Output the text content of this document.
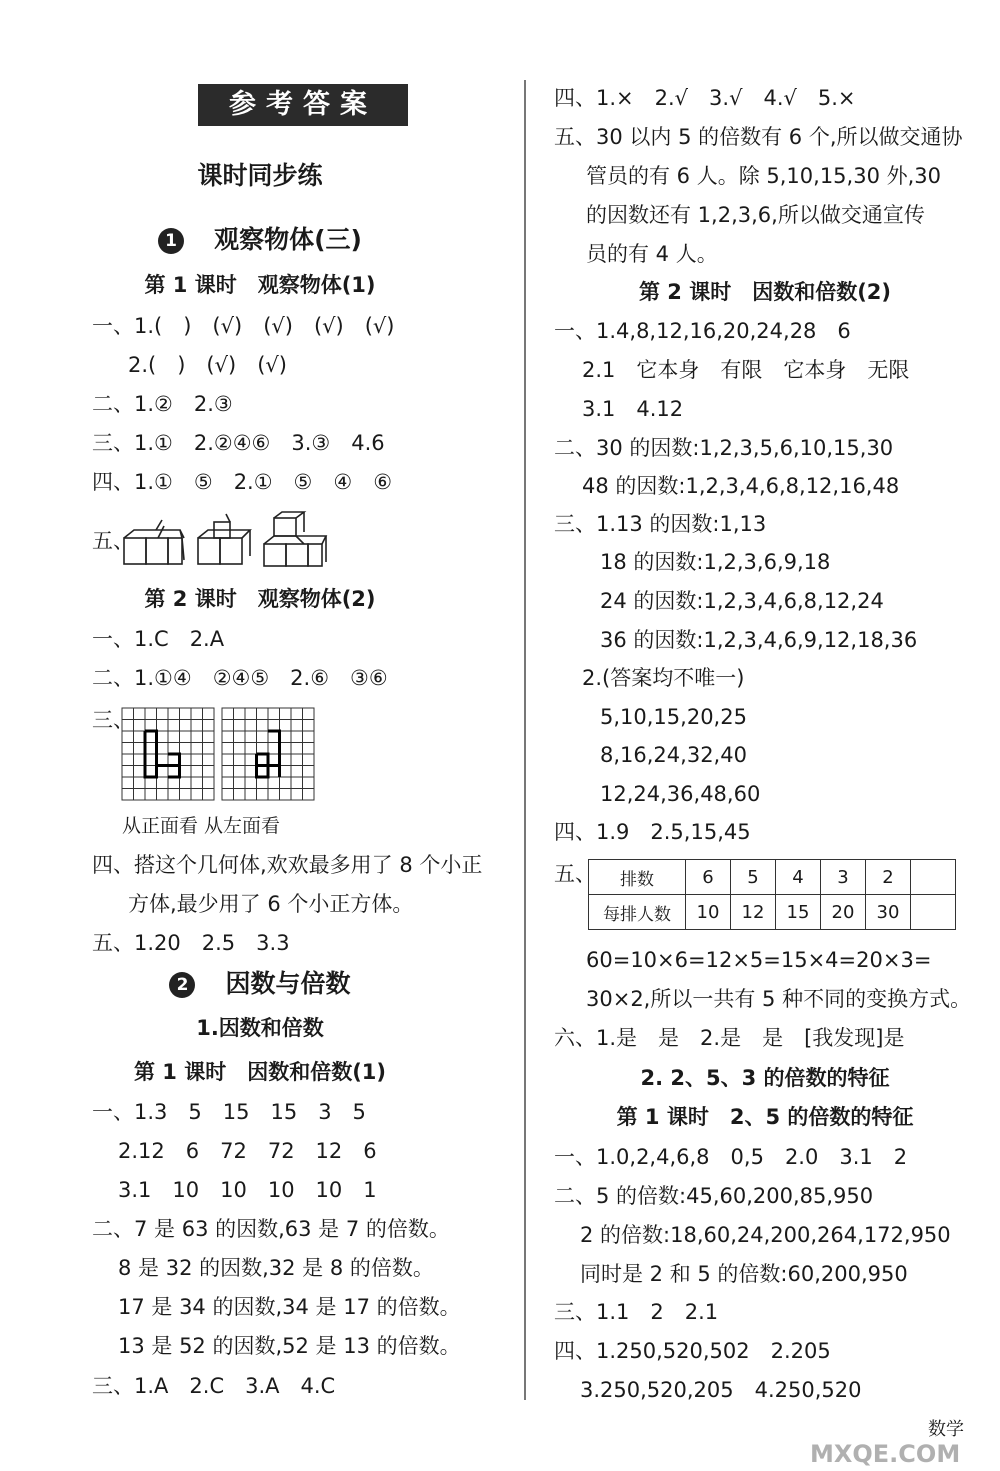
参考答案
课时同步练
1 观察物体(三)
第 1 课时　观察物体(1)
一、1.(　)　(√)　(√)　(√)　(√)
2.(　)　(√)　(√)
二、1.②　2.③
三、1.①　2.②④⑥　3.③　4.6
四、1.①　⑤　2.①　⑤　④　⑥
五、
第 2 课时　观察物体(2)
一、1.C　2.A
二、1.①④　②④⑤　2.⑥　③⑥
三、
从正面看 从左面看
四、搭这个几何体,欢欢最多用了 8 个小正
方体,最少用了 6 个小正方体。
五、1.20　2.5　3.3
2 因数与倍数
1.因数和倍数
第 1 课时　因数和倍数(1)
一、1.3　5　15　15　3　5
2.12　6　72　72　12　6
3.1　10　10　10　10　1
二、7 是 63 的因数,63 是 7 的倍数。
8 是 32 的因数,32 是 8 的倍数。
17 是 34 的因数,34 是 17 的倍数。
13 是 52 的因数,52 是 13 的倍数。
三、1.A　2.C　3.A　4.C
四、1.×　2.√　3.√　4.√　5.×
五、30 以内 5 的倍数有 6 个,所以做交通协
管员的有 6 人。除 5,10,15,30 外,30
的因数还有 1,2,3,6,所以做交通宣传
员的有 4 人。
第 2 课时　因数和倍数(2)
一、1.4,8,12,16,20,24,28　6
2.1　它本身　有限　它本身　无限
3.1　4.12
二、30 的因数:1,2,3,5,6,10,15,30
48 的因数:1,2,3,4,6,8,12,16,48
三、1.13 的因数:1,13
18 的因数:1,2,3,6,9,18
24 的因数:1,2,3,4,6,8,12,24
36 的因数:1,2,3,4,6,9,12,18,36
2.(答案均不唯一)
5,10,15,20,25
8,16,24,32,40
12,24,36,48,60
四、1.9　2.5,15,45
五、 排数	6	5	4	3	2	
每排人数	10	12	15	20	30	
60=10×6=12×5=15×4=20×3=
30×2,所以一共有 5 种不同的变换方式。
六、1.是　是　2.是　是　[我发现]是
2. 2、5、3 的倍数的特征
第 1 课时　2、5 的倍数的特征
一、1.0,2,4,6,8　0,5　2.0　3.1　2
二、5 的倍数:45,60,200,85,950
2 的倍数:18,60,24,200,264,172,950
同时是 2 和 5 的倍数:60,200,950
三、1.1　2　2.1
四、1.250,520,502　2.205
3.250,520,205　4.250,520
数学
MXQE.COM
